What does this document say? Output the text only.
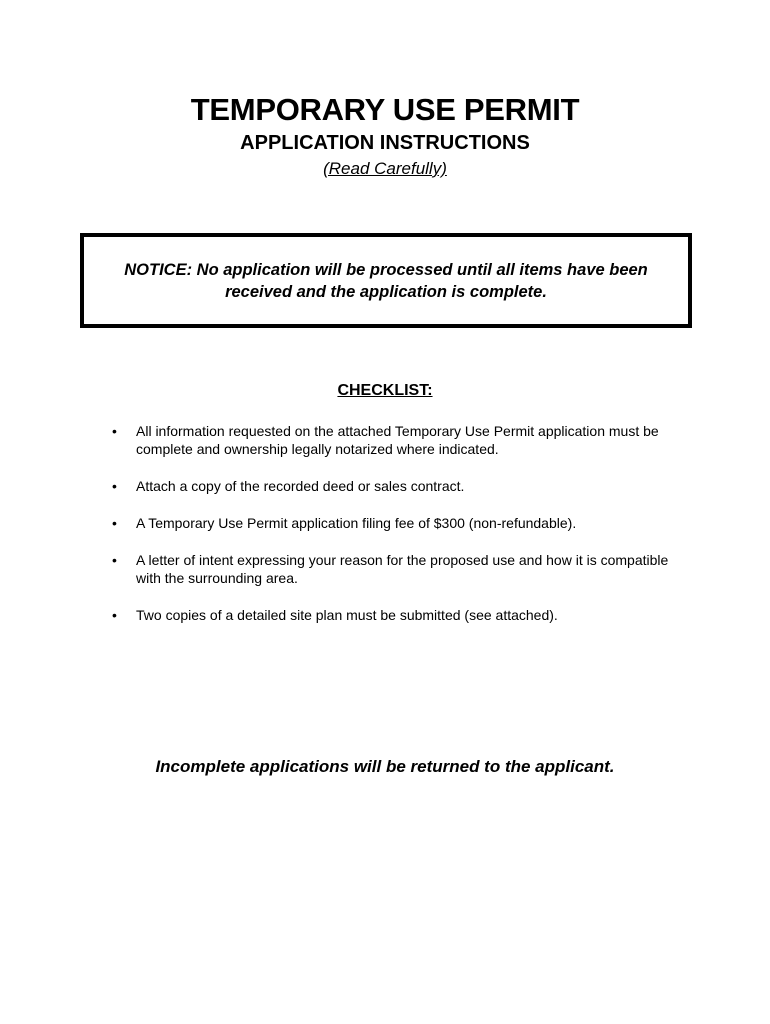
TEMPORARY USE PERMIT
APPLICATION INSTRUCTIONS
(Read Carefully)
NOTICE: No application will be processed until all items have been received and the application is complete.
CHECKLIST:
• All information requested on the attached Temporary Use Permit application must be complete and ownership legally notarized where indicated.
• Attach a copy of the recorded deed or sales contract.
• A Temporary Use Permit application filing fee of $300 (non-refundable).
• A letter of intent expressing your reason for the proposed use and how it is compatible with the surrounding area.
• Two copies of a detailed site plan must be submitted (see attached).
Incomplete applications will be returned to the applicant.
